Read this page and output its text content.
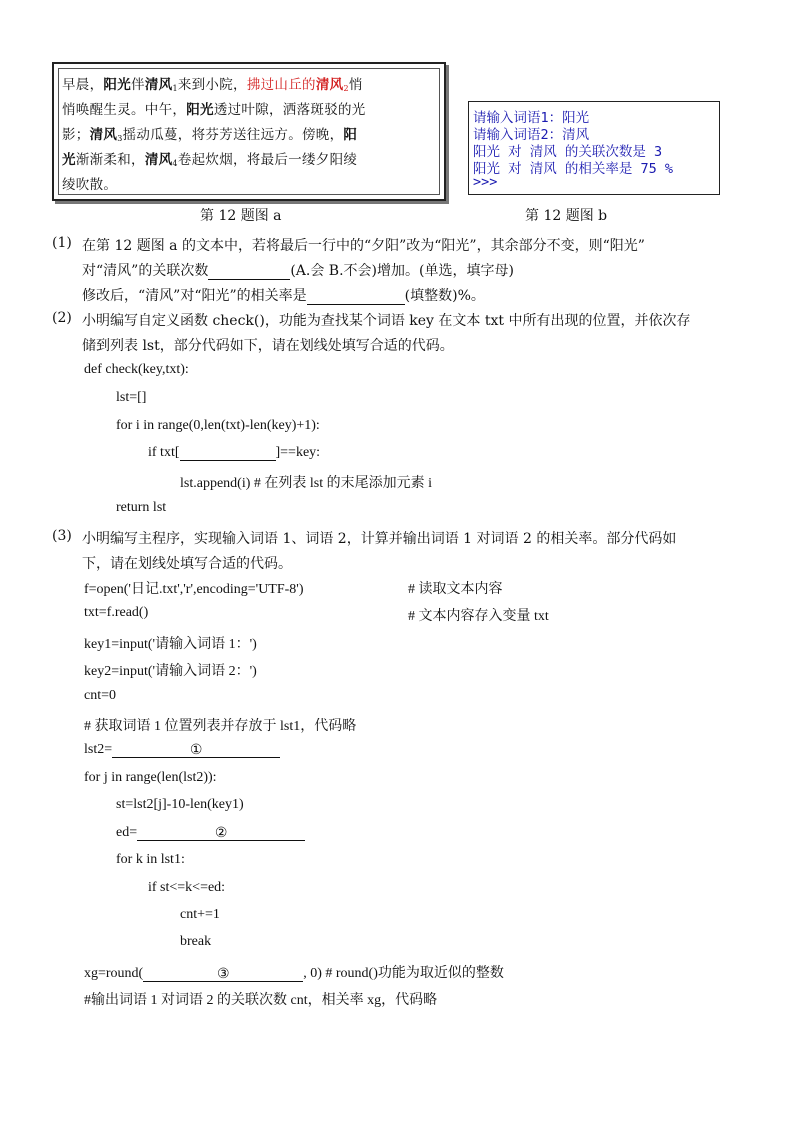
早晨，阳光伴清风$_1$来到小院，拂过山丘的清风$_2$悄
悄唤醒生灵。中午，阳光透过叶隙，洒落斑驳的光
影；清风$_3$摇动瓜蔓，将芬芳送往远方。傍晚，阳
光渐渐柔和，清风$_4$卷起炊烟，将最后一缕夕阳绫
绫吹散。
第 12 题图 a
请输入词语1：阳光
请输入词语2：清风
阳光 对 清风 的关联次数是 3
阳光 对 清风 的相关率是 75 %
>>>
第 12 题图 b
(1) 在第 12 题图 a 的文本中，若将最后一行中的“夕阳”改为“阳光”，其余部分不变，则“阳光”
对“清风”的关联次数	(A.会 B.不会)增加。(单选，填字母)
修改后，“清风”对“阳光”的相关率是	(填整数)%。
(2) 小明编写自定义函数 check()，功能为查找某个词语 key 在文本 txt 中所有出现的位置，并依次存
储到列表 lst，部分代码如下，请在划线处填写合适的代码。
def check(key,txt):
lst=[]
for i in range(0,len(txt)-len(key)+1):
if txt[	]==key:
lst.append(i) # 在列表 lst 的末尾添加元素 i
return lst
(3) 小明编写主程序，实现输入词语 1、词语 2，计算并输出词语 1 对词语 2 的相关率。部分代码如
下，请在划线处填写合适的代码。
f=open('日记.txt','r',encoding='UTF-8')	# 读取文本内容
txt=f.read()	# 文本内容存入变量 txt
key1=input('请输入词语 1：')
key2=input('请输入词语 2：')
cnt=0
# 获取词语 1 位置列表并存放于 lst1，代码略
lst2=	①
for j in range(len(lst2)):
st=lst2[j]-10-len(key1)
ed=	②
for k in lst1:
if st<=k<=ed:
cnt+=1
break
xg=round(	③	, 0) # round()功能为取近似的整数
#输出词语 1 对词语 2 的关联次数 cnt，相关率 xg，代码略
